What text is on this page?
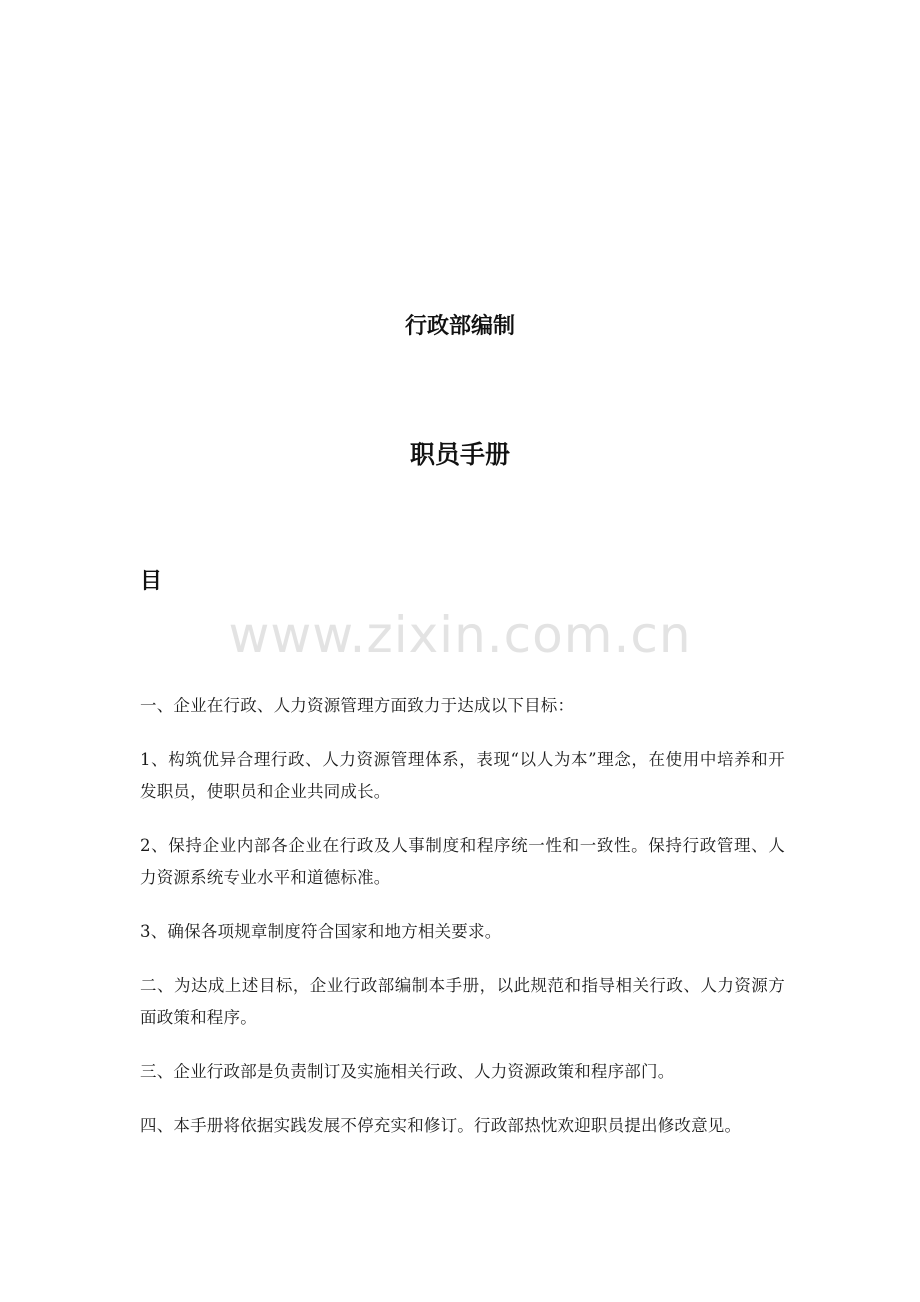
行政部编制
职员手册
目
www.zixin.com.cn

一、企业在行政、人力资源管理方面致力于达成以下目标：

1、构筑优异合理行政、人力资源管理体系，表现“以人为本”理念，在使用中培养和开发职员，使职员和企业共同成长。

2、保持企业内部各企业在行政及人事制度和程序统一性和一致性。保持行政管理、人力资源系统专业水平和道德标准。

3、确保各项规章制度符合国家和地方相关要求。

二、为达成上述目标，企业行政部编制本手册，以此规范和指导相关行政、人力资源方面政策和程序。

三、企业行政部是负责制订及实施相关行政、人力资源政策和程序部门。

四、本手册将依据实践发展不停充实和修订。行政部热忱欢迎职员提出修改意见。
